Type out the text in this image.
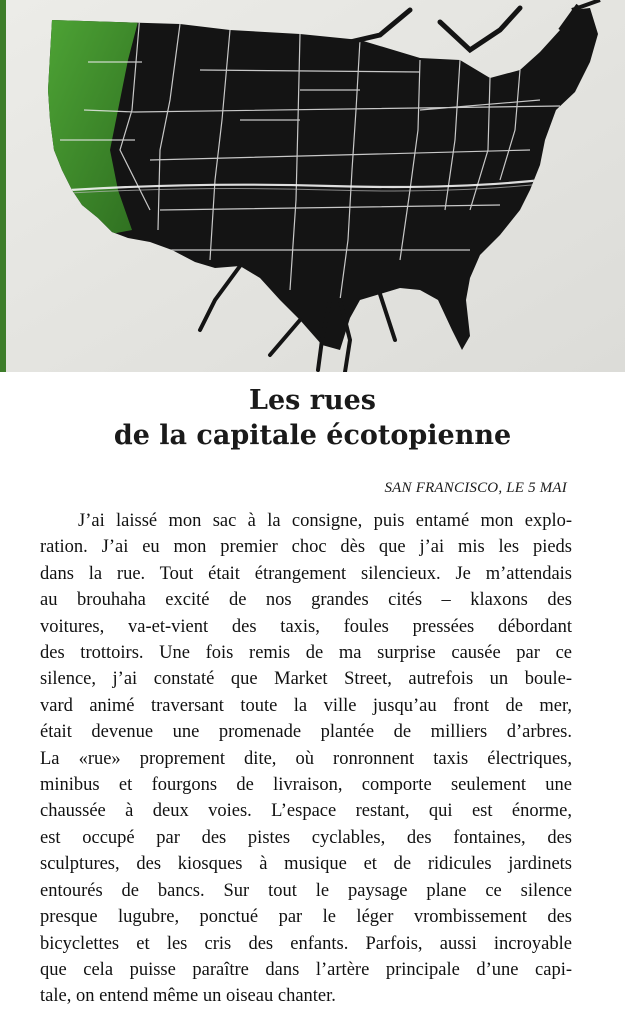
Les rues
de la capitale écotopienne
SAN FRANCISCO, LE 5 MAI
J’ai laissé mon sac à la consigne, puis entamé mon explo-
ration. J’ai eu mon premier choc dès que j’ai mis les pieds
dans la rue. Tout était étrangement silencieux. Je m’attendais
au brouhaha excité de nos grandes cités – klaxons des
voitures, va-et-vient des taxis, foules pressées débordant
des trottoirs. Une fois remis de ma surprise causée par ce
silence, j’ai constaté que Market Street, autrefois un boule-
vard animé traversant toute la ville jusqu’au front de mer,
était devenue une promenade plantée de milliers d’arbres.
La «rue» proprement dite, où ronronnent taxis électriques,
minibus et fourgons de livraison, comporte seulement une
chaussée à deux voies. L’espace restant, qui est énorme,
est occupé par des pistes cyclables, des fontaines, des
sculptures, des kiosques à musique et de ridicules jardinets
entourés de bancs. Sur tout le paysage plane ce silence
presque lugubre, ponctué par le léger vrombissement des
bicyclettes et les cris des enfants. Parfois, aussi incroyable
que cela puisse paraître dans l’artère principale d’une capi-
tale, on entend même un oiseau chanter.
